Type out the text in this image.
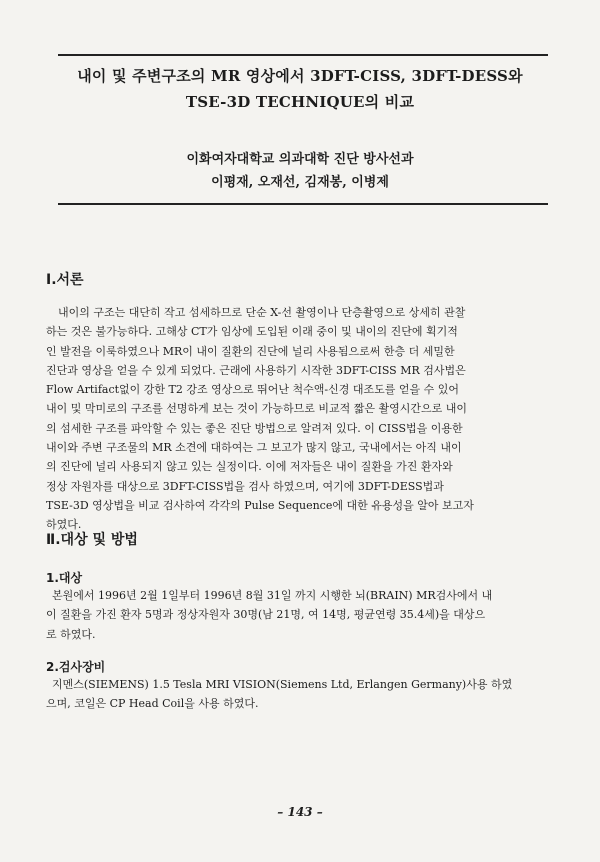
내이 및 주변구조의 MR 영상에서 3DFT-CISS, 3DFT-DESS와
TSE-3D TECHNIQUE의 비교
이화여자대학교 의과대학 진단 방사선과
이평재, 오재선, 김재봉, 이병제
Ⅰ.서론
내이의 구조는 대단히 작고 섬세하므로 단순 X-선 촬영이나 단층촬영으로 상세히 관찰
하는 것은 불가능하다. 고해상 CT가 임상에 도입된 이래 중이 및 내이의 진단에 획기적
인 발전을 이룩하였으나 MR이 내이 질환의 진단에 널리 사용됨으로써 한층 더 세밀한
진단과 영상을 얻을 수 있게 되었다. 근래에 사용하기 시작한 3DFT-CISS MR 검사법은
Flow Artifact없이 강한 T2 강조 영상으로 뛰어난 척수액-신경 대조도를 얻을 수 있어
내이 및 막미로의 구조를 선명하게 보는 것이 가능하므로 비교적 짧은 촬영시간으로 내이
의 섬세한 구조를 파악할 수 있는 좋은 진단 방법으로 알려져 있다. 이 CISS법을 이용한
내이와 주변 구조물의 MR 소견에 대하여는 그 보고가 많지 않고, 국내에서는 아직 내이
의 진단에 널리 사용되지 않고 있는 실정이다. 이에 저자들은 내이 질환을 가진 환자와
정상 자원자를 대상으로 3DFT-CISS법을 검사 하였으며, 여기에 3DFT-DESS법과
TSE-3D 영상법을 비교 검사하여 각각의 Pulse Sequence에 대한 유용성을 알아 보고자
하였다.
Ⅱ.대상 및 방법
1.대상
본원에서 1996년 2월 1일부터 1996년 8월 31일 까지 시행한 뇌(BRAIN) MR검사에서 내
이 질환을 가진 환자 5명과 정상자원자 30명(남 21명, 여 14명, 평균연령 35.4세)을 대상으
로 하였다.
2.검사장비
지멘스(SIEMENS) 1.5 Tesla MRI VISION(Siemens Ltd, Erlangen Germany)사용 하였
으며, 코일은 CP Head Coil을 사용 하였다.
– 143 –
